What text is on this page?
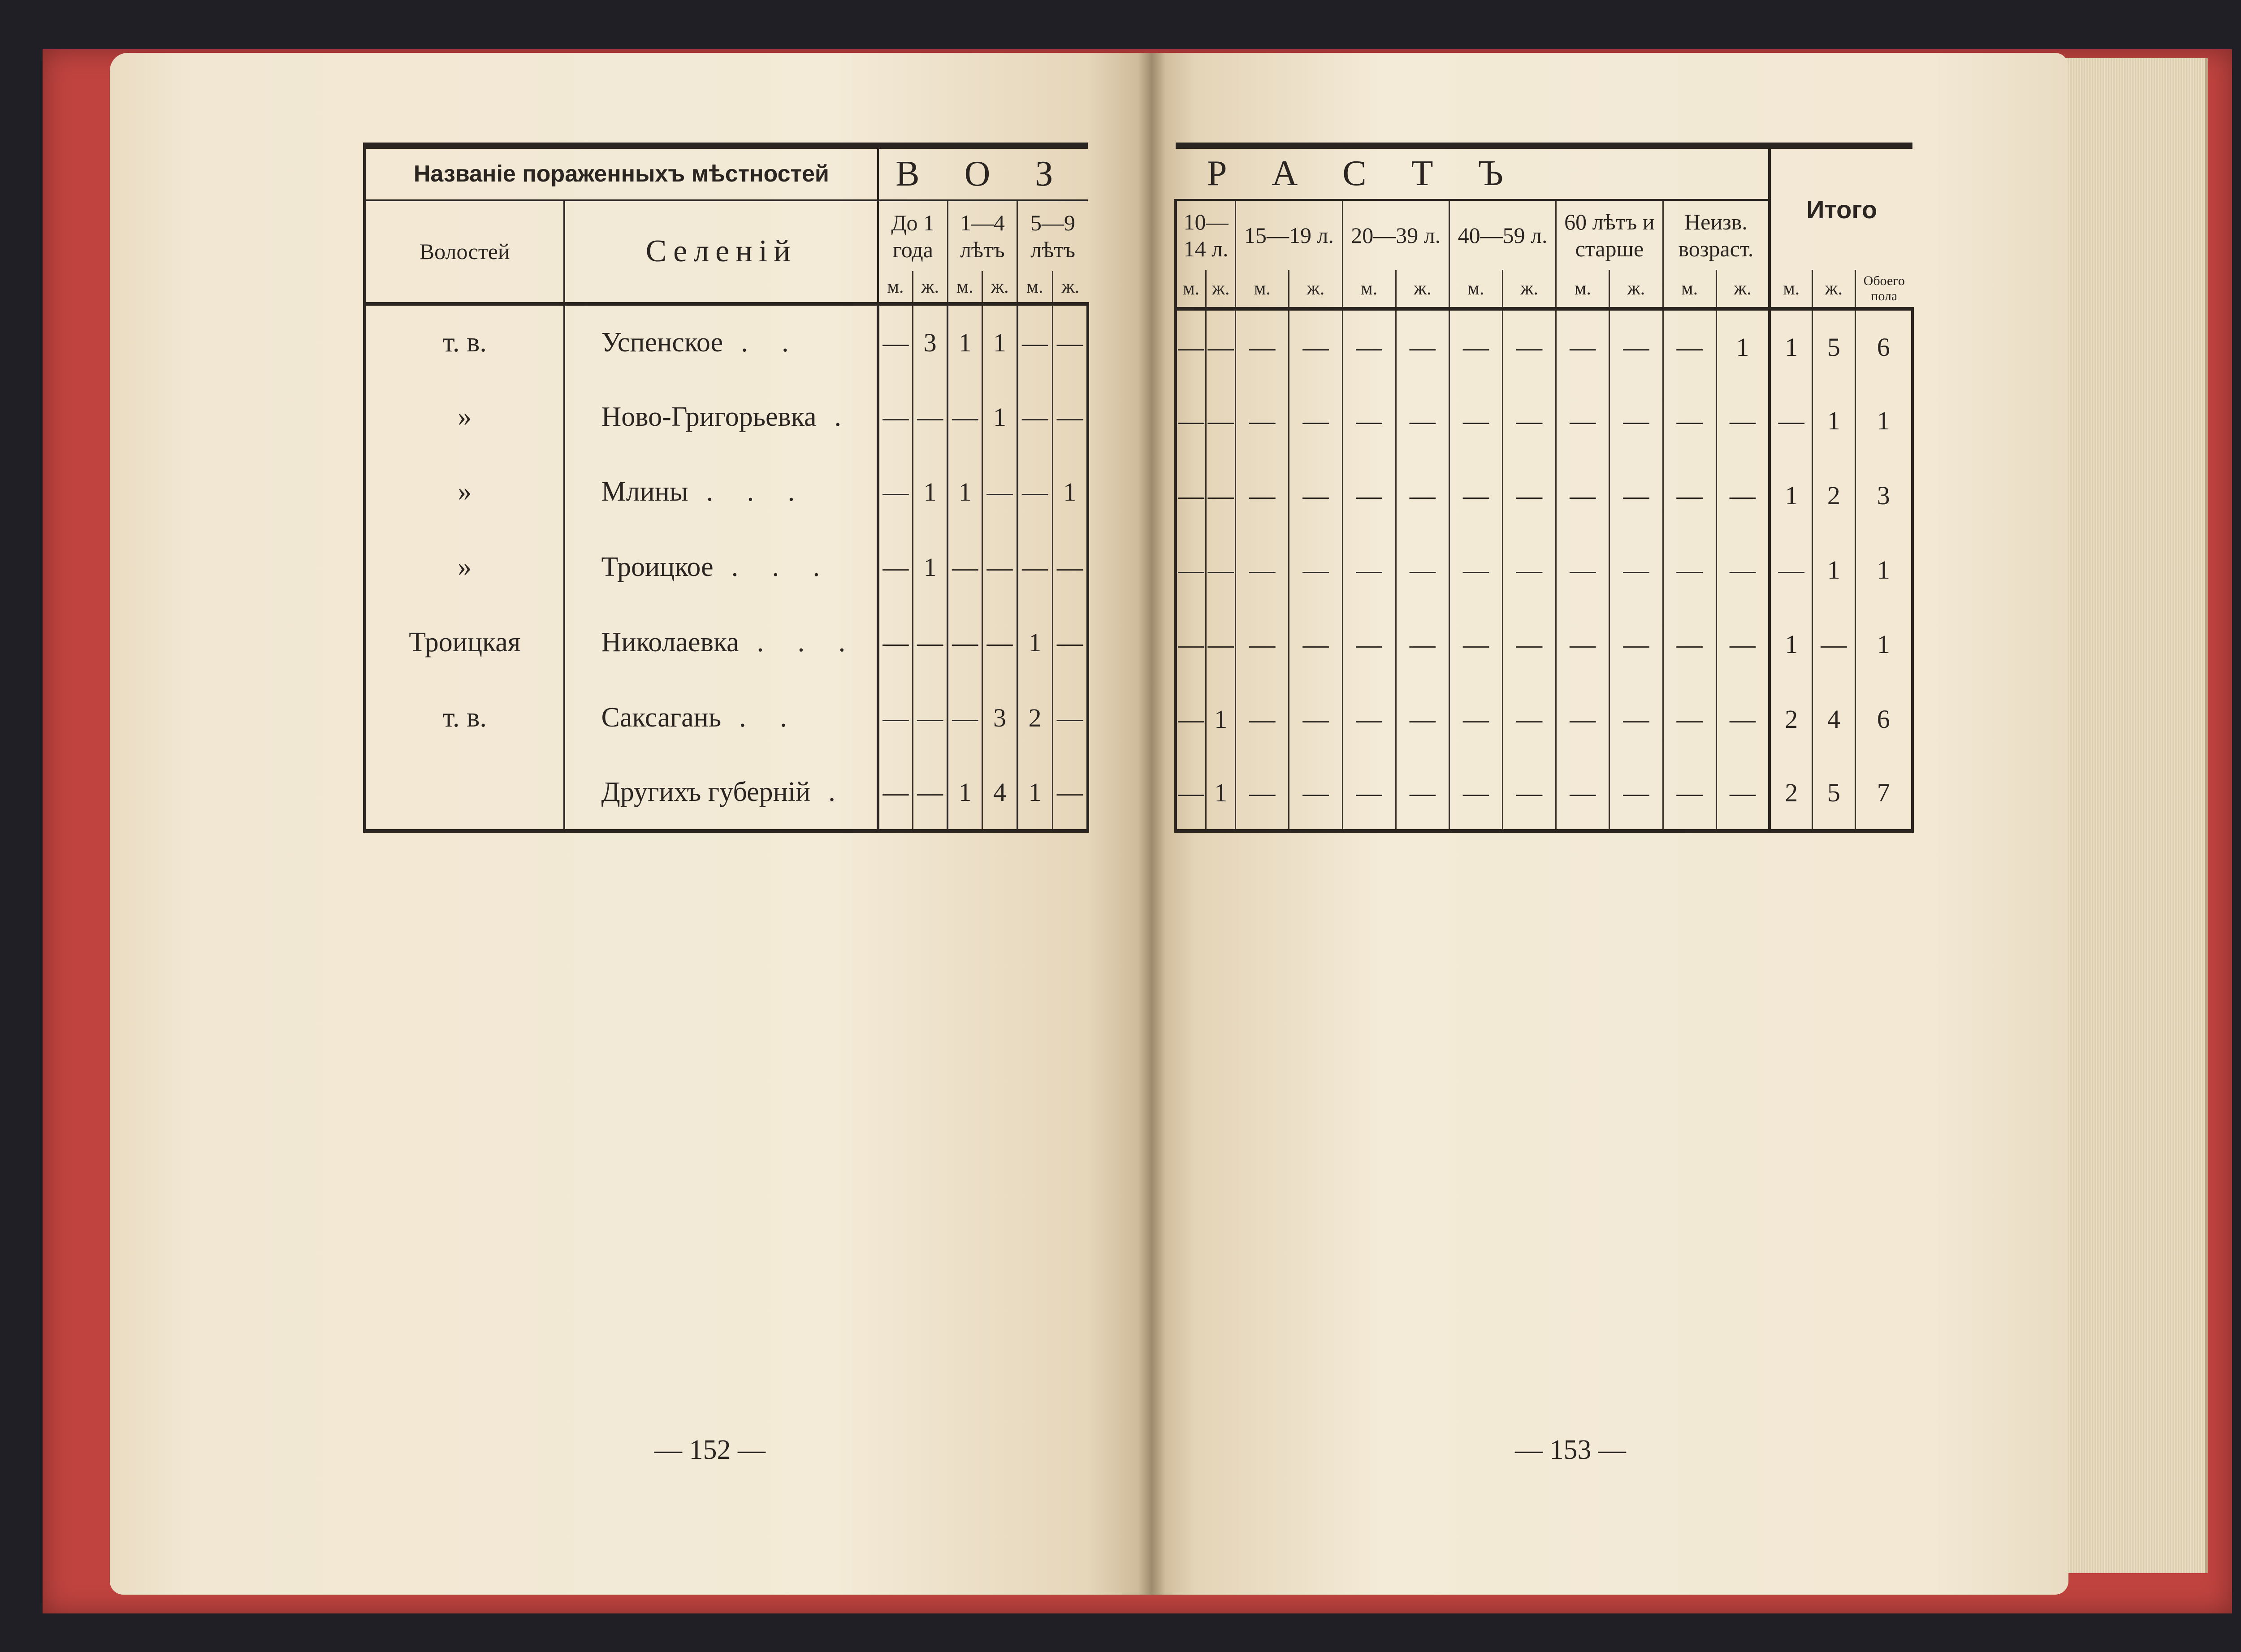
Названіе пораженныхъ мѣстностей		В О З					
Волостей	Селеній	До 1 года		1—4 лѣтъ		5—9 лѣтъ	
		м.	ж.	м.	ж.	м.	ж.
т. в.	Успенское . .	—	3	1	1	—	—
»	Ново-Григорьевка .	—	—	—	1	—	—
»	Млины . . .	—	1	1	—	—	1
»	Троицкое . . .	—	1	—	—	—	—
Троицкая	Николаевка . . .	—	—	—	—	1	—
т. в.	Саксагань . .	—	—	—	3	2	—
	Другихъ губерній .	—	—	1	4	1	—
Р А С Т Ъ												Итого		
10—14 л.		15—19 л.		20—39 л.		40—59 л.		60 лѣтъ и старше		Неизв. возраст.				
м.	ж.	м.	ж.	м.	ж.	м.	ж.	м.	ж.	м.	ж.	м.	ж.	Обоего пола
—	—	—	—	—	—	—	—	—	—	—	1	1	5	6
—	—	—	—	—	—	—	—	—	—	—	—	—	1	1
—	—	—	—	—	—	—	—	—	—	—	—	1	2	3
—	—	—	—	—	—	—	—	—	—	—	—	—	1	1
—	—	—	—	—	—	—	—	—	—	—	—	1	—	1
—	1	—	—	—	—	—	—	—	—	—	—	2	4	6
—	1	—	—	—	—	—	—	—	—	—	—	2	5	7
— 152 —	— 153 —
